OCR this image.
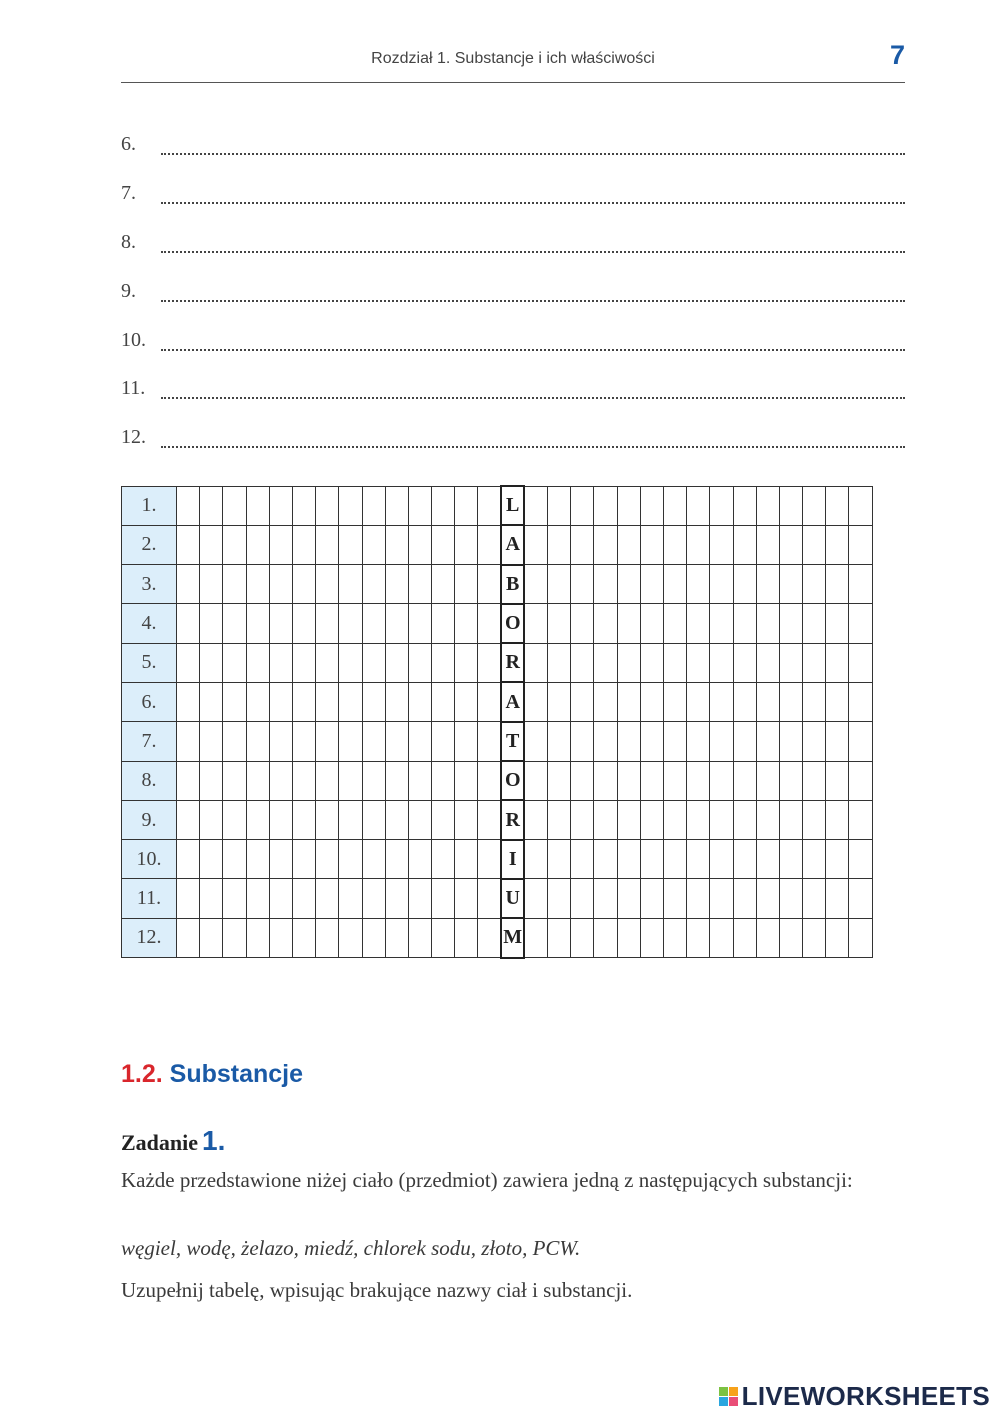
Rozdział 1. Substancje i ich właściwości	7
6.
7.
8.
9.
10.
11.
12.
1.															L															
2.															A															
3.															B															
4.															O															
5.															R															
6.															A															
7.															T															
8.															O															
9.															R															
10.															I															
11.															U															
12.															M															
1.2. Substancje
Zadanie 1.
Każde przedstawione niżej ciało (przedmiot) zawiera jedną z następujących substancji:
węgiel, wodę, żelazo, miedź, chlorek sodu, złoto, PCW.
Uzupełnij tabelę, wpisując brakujące nazwy ciał i substancji.
LIVEWORKSHEETS
